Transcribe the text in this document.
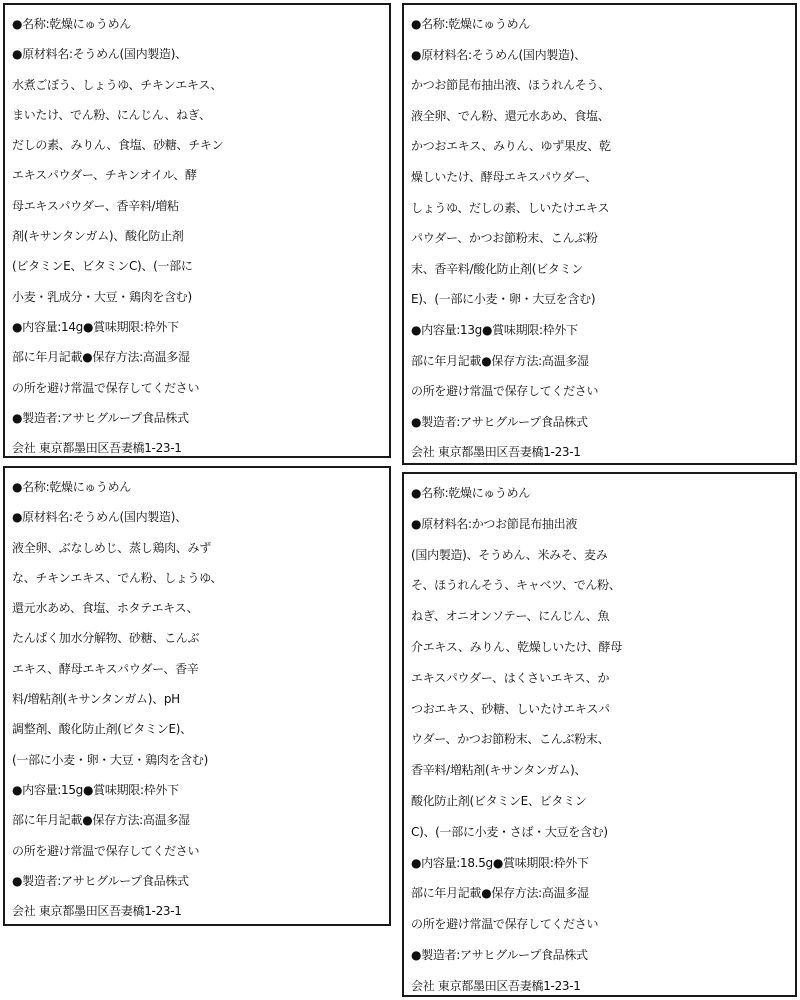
●名称:乾燥にゅうめん
●原材料名:そうめん(国内製造)、
水煮ごぼう、しょうゆ、チキンエキス、
まいたけ、でん粉、にんじん、ねぎ、
だしの素、みりん、食塩、砂糖、チキン
エキスパウダー、チキンオイル、酵
母エキスパウダー、香辛料/増粘
剤(キサンタンガム)、酸化防止剤
(ビタミンE、ビタミンC)、(一部に
小麦・乳成分・大豆・鶏肉を含む)
●内容量:14g●賞味期限:枠外下
部に年月記載●保存方法:高温多湿
の所を避け常温で保存してください
●製造者:アサヒグループ食品株式
会社 東京都墨田区吾妻橋1-23-1

●名称:乾燥にゅうめん
●原材料名:そうめん(国内製造)、
かつお節昆布抽出液、ほうれんそう、
液全卵、でん粉、還元水あめ、食塩、
かつおエキス、みりん、ゆず果皮、乾
燥しいたけ、酵母エキスパウダー、
しょうゆ、だしの素、しいたけエキス
パウダー、かつお節粉末、こんぶ粉
末、香辛料/酸化防止剤(ビタミン
E)、(一部に小麦・卵・大豆を含む)
●内容量:13g●賞味期限:枠外下
部に年月記載●保存方法:高温多湿
の所を避け常温で保存してください
●製造者:アサヒグループ食品株式
会社 東京都墨田区吾妻橋1-23-1

●名称:乾燥にゅうめん
●原材料名:そうめん(国内製造)、
液全卵、ぶなしめじ、蒸し鶏肉、みず
な、チキンエキス、でん粉、しょうゆ、
還元水あめ、食塩、ホタテエキス、
たんぱく加水分解物、砂糖、こんぶ
エキス、酵母エキスパウダー、香辛
料/増粘剤(キサンタンガム)、pH
調整剤、酸化防止剤(ビタミンE)、
(一部に小麦・卵・大豆・鶏肉を含む)
●内容量:15g●賞味期限:枠外下
部に年月記載●保存方法:高温多湿
の所を避け常温で保存してください
●製造者:アサヒグループ食品株式
会社 東京都墨田区吾妻橋1-23-1

●名称:乾燥にゅうめん
●原材料名:かつお節昆布抽出液
(国内製造)、そうめん、米みそ、麦み
そ、ほうれんそう、キャベツ、でん粉、
ねぎ、オニオンソテー、にんじん、魚
介エキス、みりん、乾燥しいたけ、酵母
エキスパウダー、はくさいエキス、か
つおエキス、砂糖、しいたけエキスパ
ウダー、かつお節粉末、こんぶ粉末、
香辛料/増粘剤(キサンタンガム)、
酸化防止剤(ビタミンE、ビタミン
C)、(一部に小麦・さば・大豆を含む)
●内容量:18.5g●賞味期限:枠外下
部に年月記載●保存方法:高温多湿
の所を避け常温で保存してください
●製造者:アサヒグループ食品株式
会社 東京都墨田区吾妻橋1-23-1
